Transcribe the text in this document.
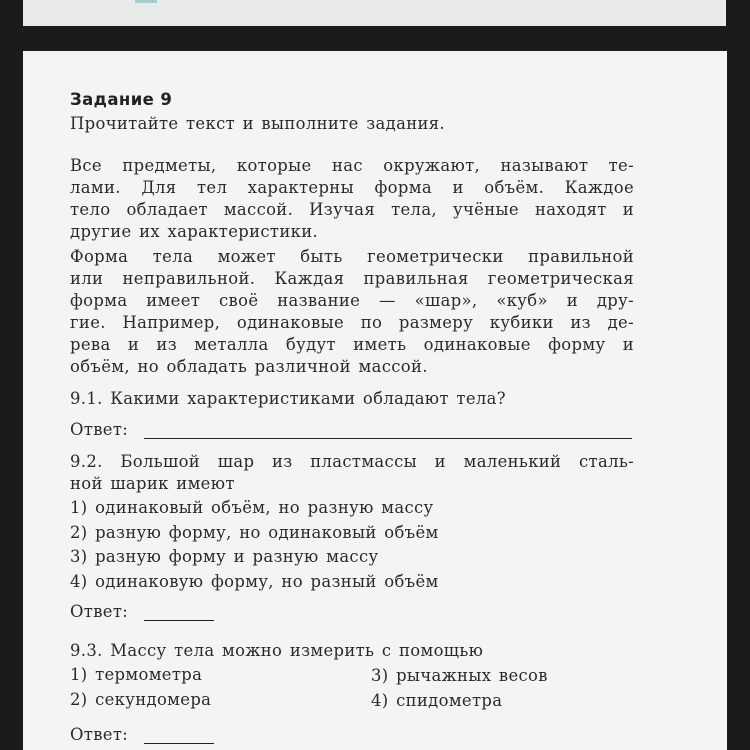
Задание 9
Прочитайте текст и выполните задания.
Все предметы, которые нас окружают, называют те-
лами. Для тел характерны форма и объём. Каждое
тело обладает массой. Изучая тела, учёные находят и
другие их характеристики.
Форма тела может быть геометрически правильной
или неправильной. Каждая правильная геометрическая
форма имеет своё название — «шар», «куб» и дру-
гие. Например, одинаковые по размеру кубики из де-
рева и из металла будут иметь одинаковые форму и
объём, но обладать различной массой.
9.1. Какими характеристиками обладают тела?
Ответ:
9.2. Большой шар из пластмассы и маленький сталь-
ной шарик имеют
1) одинаковый объём, но разную массу
2) разную форму, но одинаковый объём
3) разную форму и разную массу
4) одинаковую форму, но разный объём
Ответ:
9.3. Массу тела можно измерить с помощью
1) термометра
2) секундомера
3) рычажных весов
4) спидометра
Ответ:
